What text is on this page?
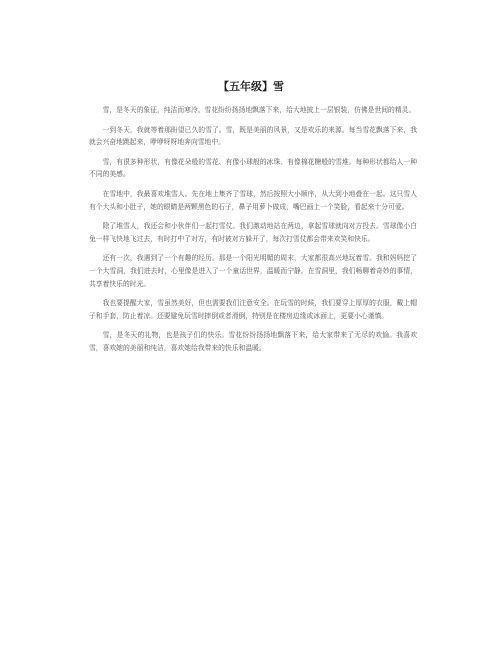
【五年级】雪

雪，是冬天的象征，纯洁而寒冷。雪花纷纷扬扬地飘落下来，给大地披上一层银装，仿佛是世间的精灵。

一到冬天，我就等着那盼望已久的雪了。雪，既是美丽的风景，又是欢乐的来源。每当雪花飘落下来，我就会兴奋地跳起来，咿咿呀呀地奔向雪地中。

雪，有很多种形状，有像花朵般的雪花、有像小球般的冰珠、有像棉花糖般的雪堆。每种形状都给人一种不同的美感。

在雪地中，我最喜欢堆雪人。先在地上集齐了雪球，然后按照大小顺序，从大到小地叠在一起。这只雪人有个大头和小肚子，她的眼睛是两颗黑色的石子，鼻子用萝卜做成，嘴巴画上一个笑脸，看起来十分可爱。

除了堆雪人，我还会和小伙伴们一起打雪仗。我们激动地站在两边，拿起雪球就向对方投去。雪球像小白兔一样飞快地飞过去，有时打中了对方，有时被对方躲开了，每次打雪仗都会带来欢笑和快乐。

还有一次，我遇到了一个有趣的经历。那是一个阳光明媚的周末，大家都很高兴地玩着雪。我和妈妈挖了一个大雪洞，我们进去时，心里像是进入了一个童话世界，温暖而宁静。在雪洞里，我们畅聊着奇妙的事情，共享着快乐的时光。

我也要提醒大家，雪虽然美好，但也需要我们注意安全。在玩雪的时候，我们要穿上厚厚的衣服，戴上帽子和手套，防止着凉。还要避免玩雪时摔倒或者滑倒，特别是在楼房边缘或冰面上，更要小心谨慎。

雪，是冬天的礼物，也是孩子们的快乐。雪花纷纷扬扬地飘落下来，给大家带来了无尽的欢愉。我喜欢雪，喜欢她的美丽和纯洁，喜欢她给我带来的快乐和温暖。
